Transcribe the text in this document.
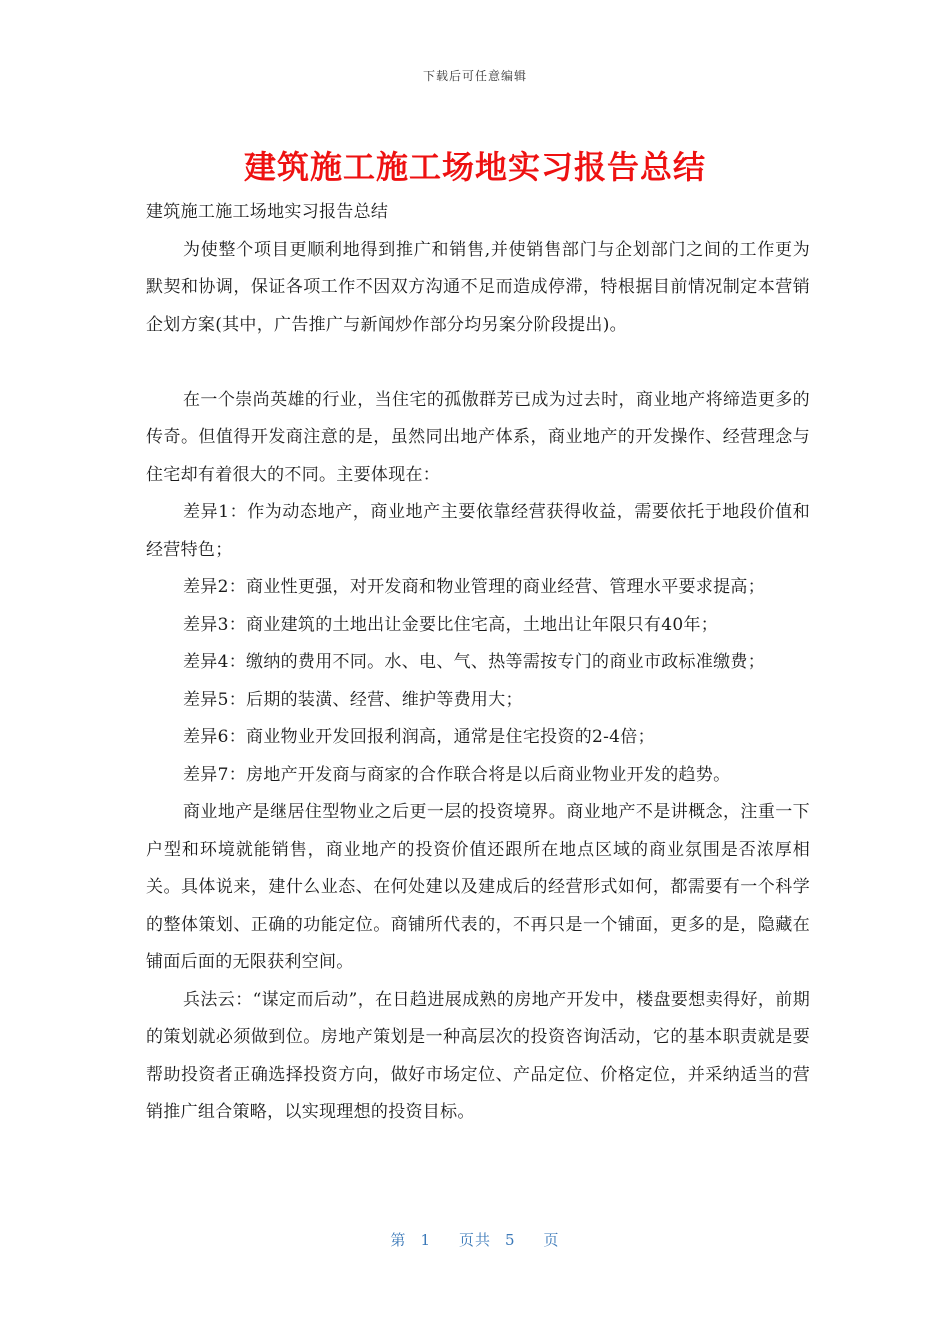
下载后可任意编辑
建筑施工施工场地实习报告总结

建筑施工施工场地实习报告总结

为使整个项目更顺利地得到推广和销售,并使销售部门与企划部门之间的工作更为默契和协调，保证各项工作不因双方沟通不足而造成停滞，特根据目前情况制定本营销企划方案(其中，广告推广与新闻炒作部分均另案分阶段提出)。

在一个崇尚英雄的行业，当住宅的孤傲群芳已成为过去时，商业地产将缔造更多的传奇。但值得开发商注意的是，虽然同出地产体系，商业地产的开发操作、经营理念与住宅却有着很大的不同。主要体现在：

差异1：作为动态地产，商业地产主要依靠经营获得收益，需要依托于地段价值和经营特色；

差异2：商业性更强，对开发商和物业管理的商业经营、管理水平要求提高；

差异3：商业建筑的土地出让金要比住宅高，土地出让年限只有40年；

差异4：缴纳的费用不同。水、电、气、热等需按专门的商业市政标准缴费；

差异5：后期的装潢、经营、维护等费用大；

差异6：商业物业开发回报利润高，通常是住宅投资的2-4倍；

差异7：房地产开发商与商家的合作联合将是以后商业物业开发的趋势。

商业地产是继居住型物业之后更一层的投资境界。商业地产不是讲概念，注重一下户型和环境就能销售，商业地产的投资价值还跟所在地点区域的商业氛围是否浓厚相关。具体说来，建什么业态、在何处建以及建成后的经营形式如何，都需要有一个科学的整体策划、正确的功能定位。商铺所代表的，不再只是一个铺面，更多的是，隐藏在铺面后面的无限获利空间。

兵法云：“谋定而后动”，在日趋进展成熟的房地产开发中，楼盘要想卖得好，前期的策划就必须做到位。房地产策划是一种高层次的投资咨询活动，它的基本职责就是要帮助投资者正确选择投资方向，做好市场定位、产品定位、价格定位，并采纳适当的营销推广组合策略，以实现理想的投资目标。

第 1 页共 5 页
